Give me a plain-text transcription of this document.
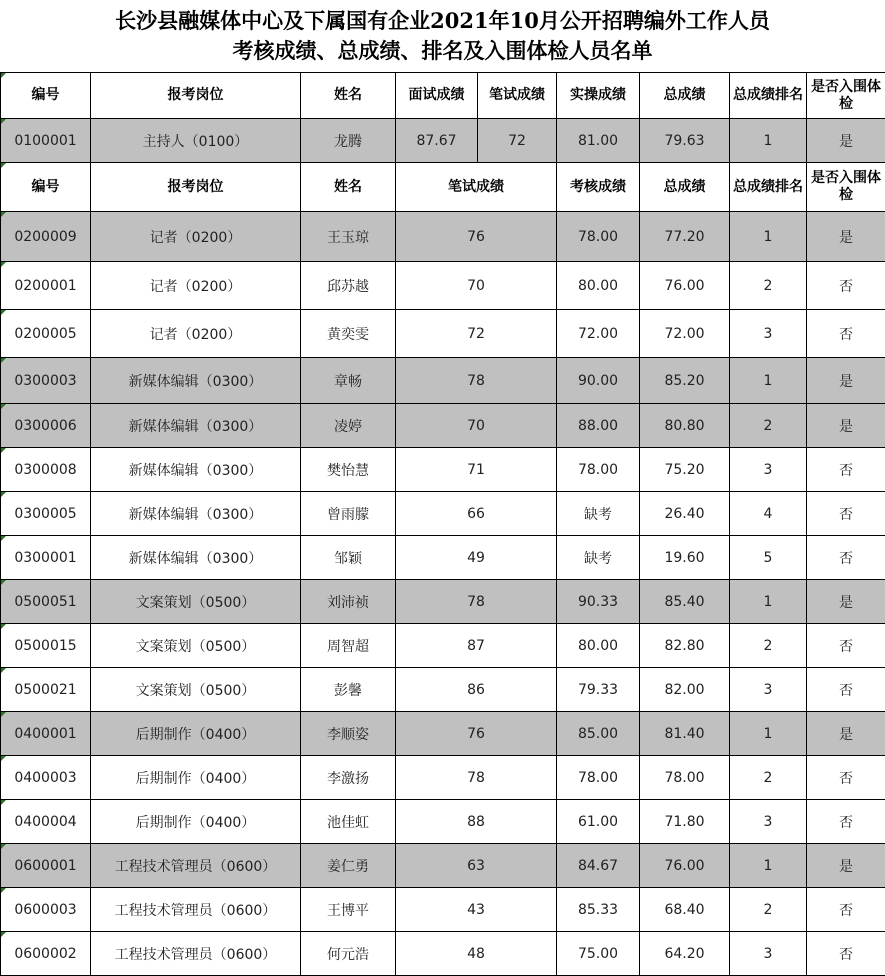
长沙县融媒体中心及下属国有企业2021年10月公开招聘编外工作人员
考核成绩、总成绩、排名及入围体检人员名单
编号	报考岗位	姓名	面试成绩	笔试成绩	实操成绩	总成绩	总成绩排名	是否入围体检
0100001	主持人（0100）	龙腾	87.67	72	81.00	79.63	1	是
编号	报考岗位	姓名	笔试成绩		考核成绩	总成绩	总成绩排名	是否入围体检
0200009	记者（0200）	王玉琼	76		78.00	77.20	1	是
0200001	记者（0200）	邱苏越	70		80.00	76.00	2	否
0200005	记者（0200）	黄奕雯	72		72.00	72.00	3	否
0300003	新媒体编辑（0300）	章畅	78		90.00	85.20	1	是
0300006	新媒体编辑（0300）	凌婷	70		88.00	80.80	2	是
0300008	新媒体编辑（0300）	樊怡慧	71		78.00	75.20	3	否
0300005	新媒体编辑（0300）	曾雨朦	66		缺考	26.40	4	否
0300001	新媒体编辑（0300）	邹颖	49		缺考	19.60	5	否
0500051	文案策划（0500）	刘沛祯	78		90.33	85.40	1	是
0500015	文案策划（0500）	周智超	87		80.00	82.80	2	否
0500021	文案策划（0500）	彭馨	86		79.33	82.00	3	否
0400001	后期制作（0400）	李顺姿	76		85.00	81.40	1	是
0400003	后期制作（0400）	李激扬	78		78.00	78.00	2	否
0400004	后期制作（0400）	池佳虹	88		61.00	71.80	3	否
0600001	工程技术管理员（0600）	姜仁勇	63		84.67	76.00	1	是
0600003	工程技术管理员（0600）	王博平	43		85.33	68.40	2	否
0600002	工程技术管理员（0600）	何元浩	48		75.00	64.20	3	否
